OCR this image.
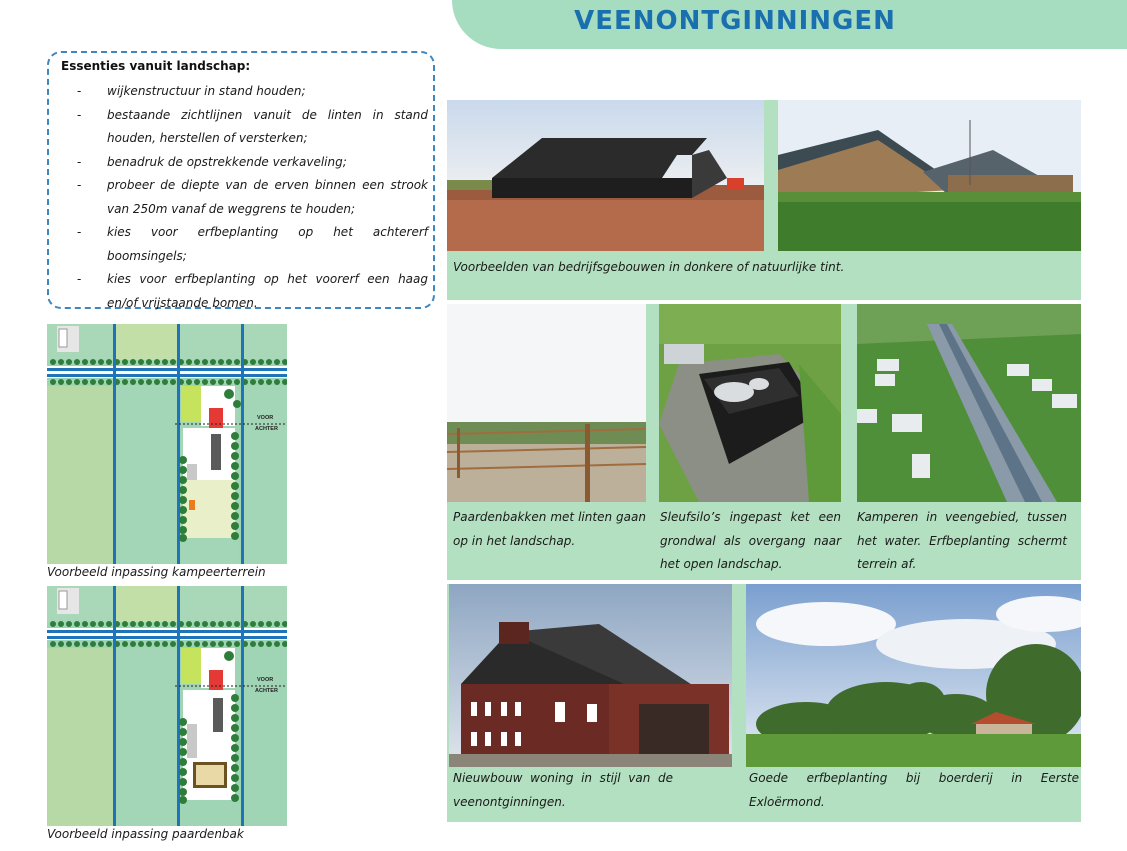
VEENONTGINNINGEN
Essenties vanuit landschap:
- wijkenstructuur in stand houden;
- bestaande zichtlijnen vanuit de linten in stand houden, herstellen of versterken;
- benadruk de opstrekkende verkaveling;
- probeer de diepte van de erven binnen een strook van 250m vanaf de weggrens te houden;
- kies voor erfbeplanting op het achtererf boomsingels;
- kies voor erfbeplanting op het voorerf een haag en/of vrijstaande bomen.
VOOR
ACHTER
Voorbeeld inpassing kampeerterrein
VOOR
ACHTER
Voorbeeld inpassing paardenbak
Voorbeelden van bedrijfsgebouwen in donkere of natuurlijke tint.
Paardenbakken met linten gaan op in het landschap.
Sleufsilo’s ingepast ket een grondwal als overgang naar het open landschap.
Kamperen in veengebied, tussen het water. Erfbeplanting schermt terrein af.
Nieuwbouw woning in stijl van de veenontginningen.
Goede erfbeplanting bij boerderij in Eerste Exloërmond.
